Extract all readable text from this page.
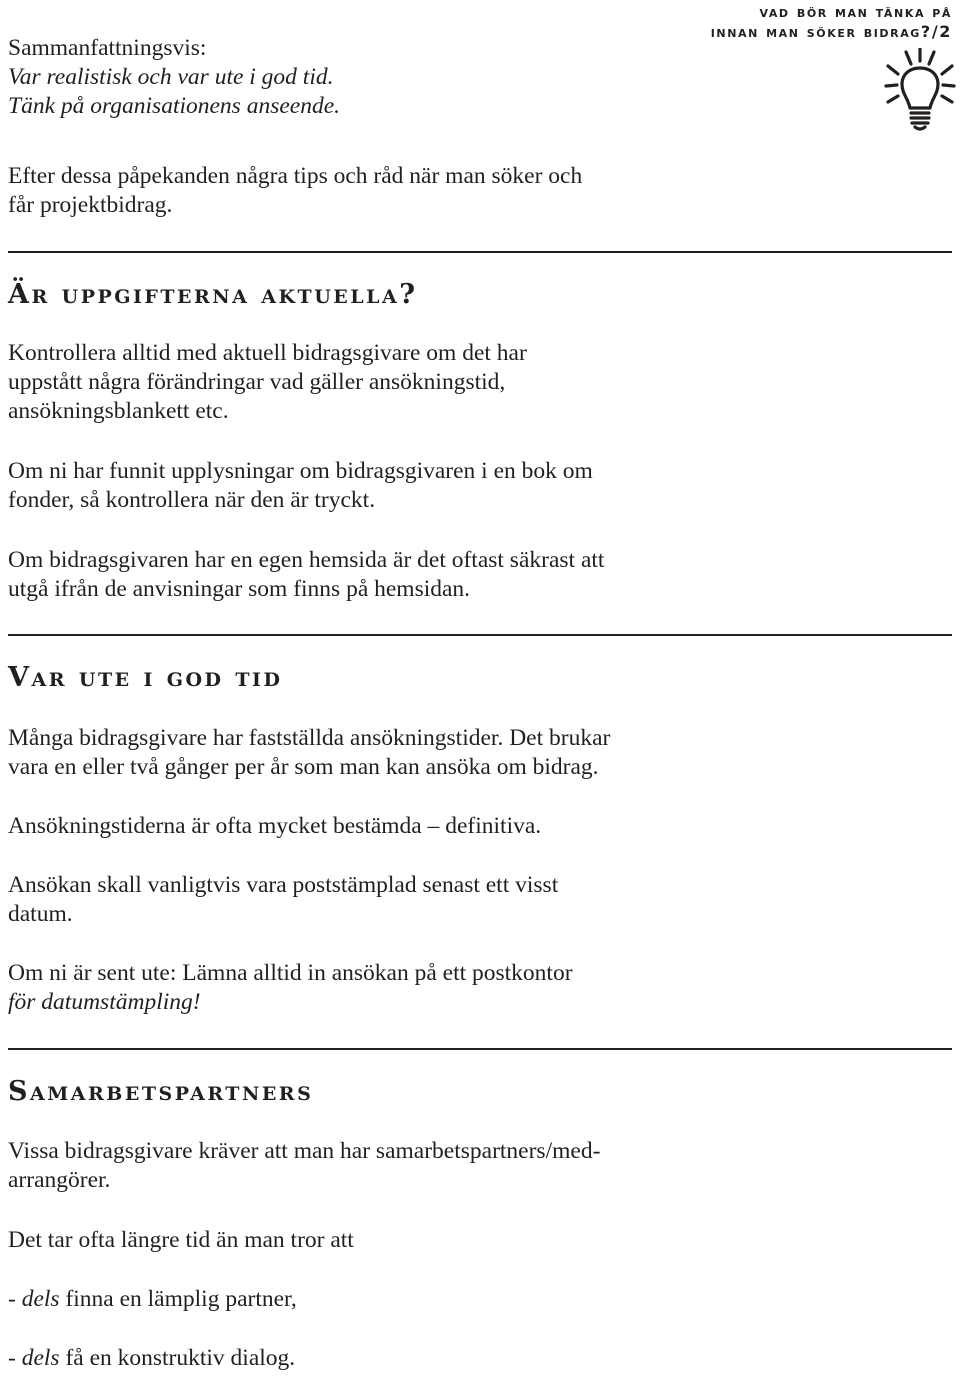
vad bör man tänka på
innan man söker bidrag?/2
Sammanfattningsvis:
Var realistisk och var ute i god tid.
Tänk på organisationens anseende.

Efter dessa påpekanden några tips och råd när man söker och får projektbidrag.

Är uppgifterna aktuella?

Kontrollera alltid med aktuell bidragsgivare om det har uppstått några förändringar vad gäller ansökningstid, ansökningsblankett etc.

Om ni har funnit upplysningar om bidragsgivaren i en bok om fonder, så kontrollera när den är tryckt.

Om bidragsgivaren har en egen hemsida är det oftast säkrast att utgå ifrån de anvisningar som finns på hemsidan.

Var ute i god tid

Många bidragsgivare har fastställda ansökningstider. Det brukar vara en eller två gånger per år som man kan ansöka om bidrag.

Ansökningstiderna är ofta mycket bestämda – definitiva.

Ansökan skall vanligtvis vara poststämplad senast ett visst datum.

Om ni är sent ute: Lämna alltid in ansökan på ett postkontor
för datumstämpling!

Samarbetspartners

Vissa bidragsgivare kräver att man har samarbetspartners/med-arrangörer.

Det tar ofta längre tid än man tror att

- dels finna en lämplig partner,

- dels få en konstruktiv dialog.
